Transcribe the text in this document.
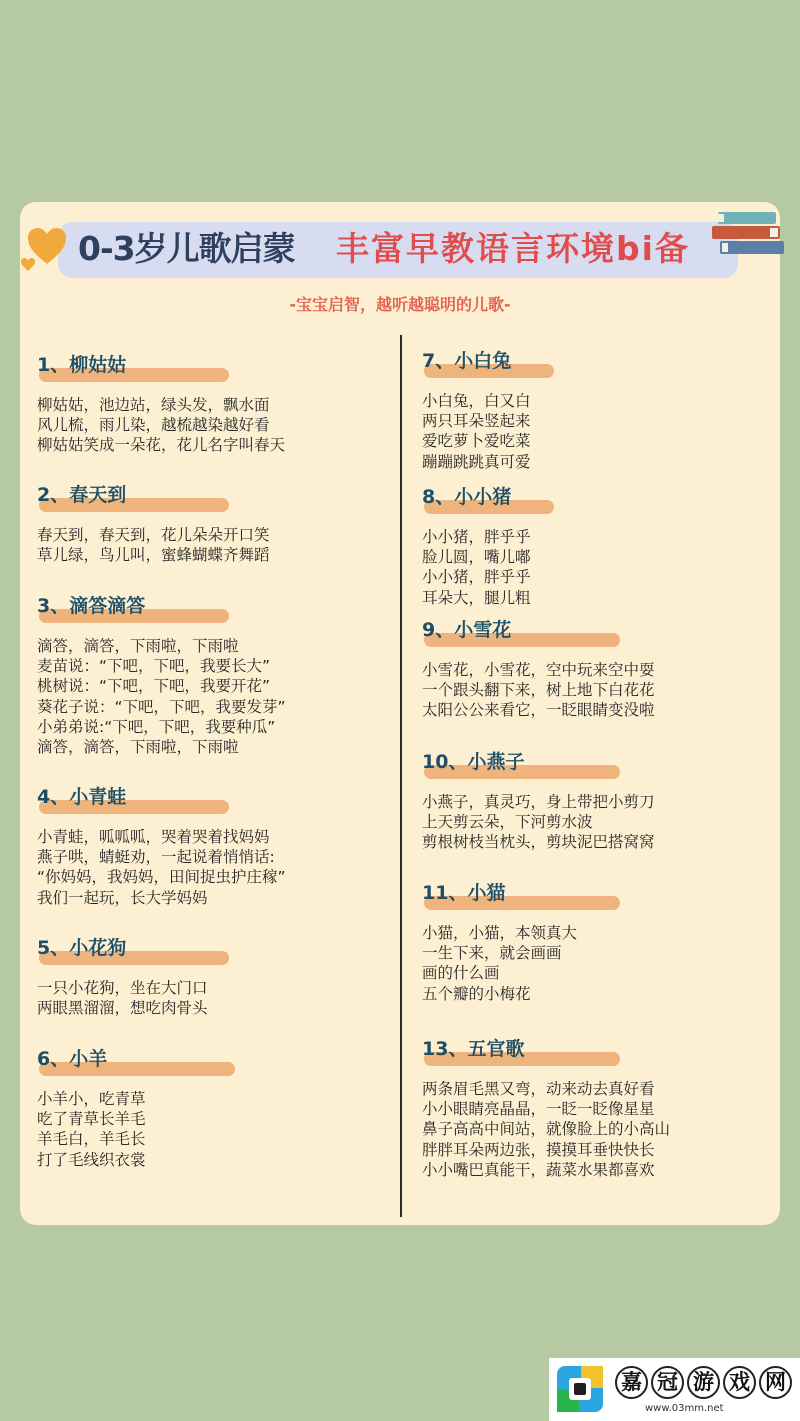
0-3岁儿歌启蒙 丰富早教语言环境bi备
-宝宝启智，越听越聪明的儿歌-
1、柳姑姑
柳姑姑，池边站，绿头发，飘水面
风儿梳，雨儿染，越梳越染越好看
柳姑姑笑成一朵花，花儿名字叫春天
2、春天到
春天到，春天到，花儿朵朵开口笑
草儿绿，鸟儿叫，蜜蜂蝴蝶齐舞蹈
3、滴答滴答
滴答，滴答，下雨啦，下雨啦
麦苗说：“下吧，下吧，我要长大”
桃树说：“下吧，下吧，我要开花”
葵花子说：“下吧，下吧，我要发芽”
小弟弟说:“下吧，下吧，我要种瓜”
滴答，滴答，下雨啦，下雨啦
4、小青蛙
小青蛙，呱呱呱，哭着哭着找妈妈
燕子哄，蜻蜓劝，一起说着悄悄话:
“你妈妈，我妈妈，田间捉虫护庄稼”
我们一起玩，长大学妈妈
5、小花狗
一只小花狗，坐在大门口
两眼黑溜溜，想吃肉骨头
6、小羊
小羊小，吃青草
吃了青草长羊毛
羊毛白，羊毛长
打了毛线织衣裳
7、小白兔
小白兔，白又白
两只耳朵竖起来
爱吃萝卜爱吃菜
蹦蹦跳跳真可爱
8、小小猪
小小猪，胖乎乎
脸儿圆，嘴儿嘟
小小猪，胖乎乎
耳朵大，腿儿粗
9、小雪花
小雪花，小雪花，空中玩来空中耍
一个跟头翻下来，树上地下白花花
太阳公公来看它，一眨眼睛变没啦
10、小燕子
小燕子，真灵巧，身上带把小剪刀
上天剪云朵，下河剪水波
剪根树枝当枕头，剪块泥巴搭窝窝
11、小猫
小猫，小猫，本领真大
一生下来，就会画画
画的什么画
五个瓣的小梅花
13、五官歌
两条眉毛黑又弯，动来动去真好看
小小眼睛亮晶晶，一眨一眨像星星
鼻子高高中间站，就像脸上的小高山
胖胖耳朵两边张，摸摸耳垂快快长
小小嘴巴真能干，蔬菜水果都喜欢
嘉 冠 游 戏 网
www.03mm.net
